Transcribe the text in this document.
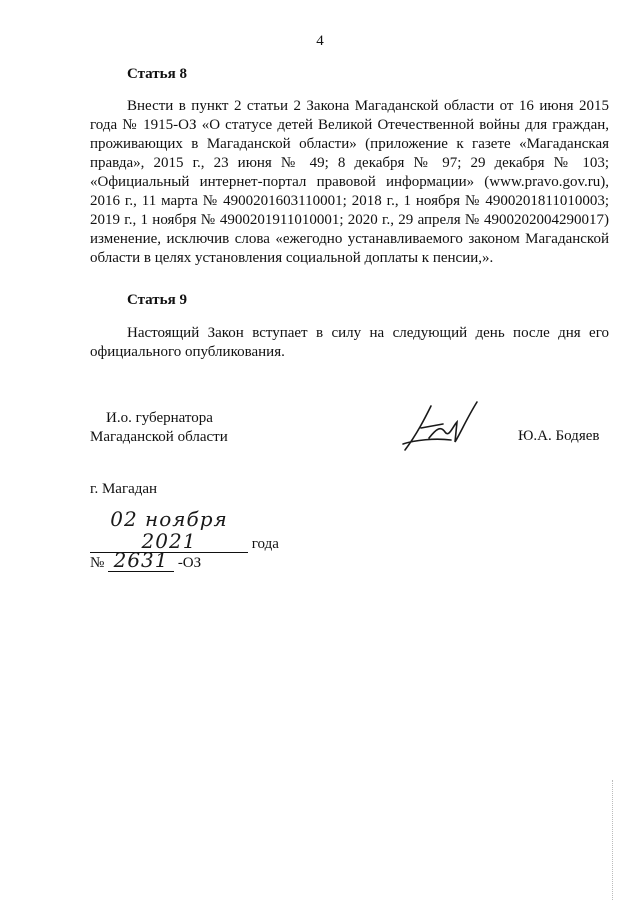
4
Статья 8
Внести в пункт 2 статьи 2 Закона Магаданской области от 16 июня 2015 года № 1915-ОЗ «О статусе детей Великой Отечественной войны для граждан, проживающих в Магаданской области» (приложение к газете «Магаданская правда», 2015 г., 23 июня № 49; 8 декабря № 97; 29 декабря № 103; «Официальный интернет-портал правовой информации» (www.pravo.gov.ru), 2016 г., 11 марта № 4900201603110001; 2018 г., 1 ноября № 4900201811010003; 2019 г., 1 ноября № 4900201911010001; 2020 г., 29 апреля № 4900202004290017) изменение, исключив слова «ежегодно устанавливаемого законом Магаданской области в целях установления социальной доплаты к пенсии,».
Статья 9
Настоящий Закон вступает в силу на следующий день после дня его официального опубликования.
И.о. губернатора
Магаданской области	Ю.А. Бодяев
г. Магадан
02 ноября 2021	года
№ 2631 -ОЗ
